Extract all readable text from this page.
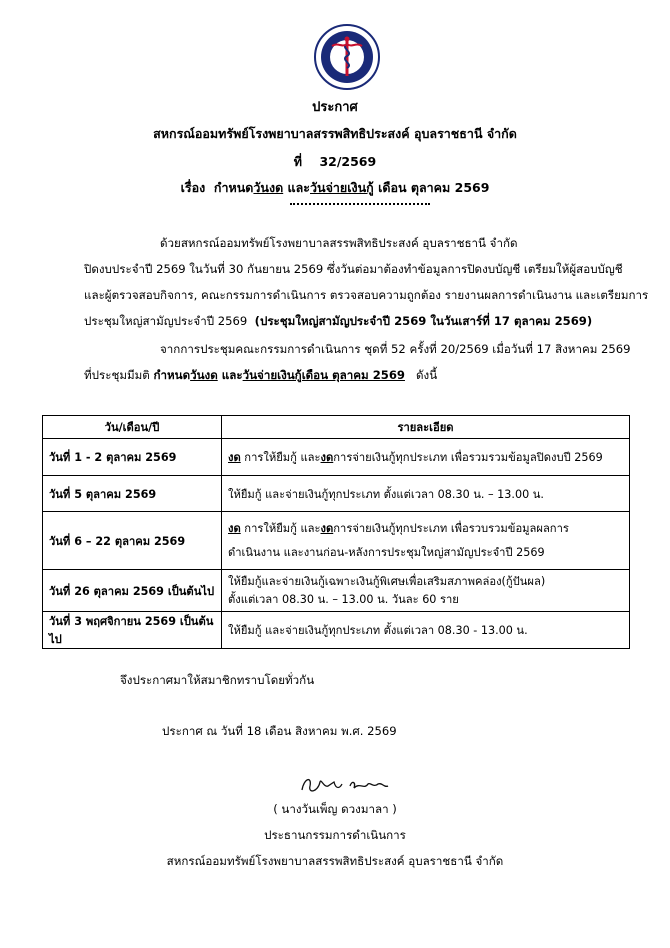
ประกาศ
สหกรณ์ออมทรัพย์โรงพยาบาลสรรพสิทธิประสงค์ อุบลราชธานี จำกัด
ที่ 32/2569
เรื่อง กำหนดวันงด และวันจ่ายเงินกู้ เดือน ตุลาคม 2569
ด้วยสหกรณ์ออมทรัพย์โรงพยาบาลสรรพสิทธิประสงค์ อุบลราชธานี จำกัด
ปิดงบประจำปี 2569 ในวันที่ 30 กันยายน 2569 ซึ่งวันต่อมาต้องทำข้อมูลการปิดงบบัญชี เตรียมให้ผู้สอบบัญชี
และผู้ตรวจสอบกิจการ, คณะกรรมการดำเนินการ ตรวจสอบความถูกต้อง รายงานผลการดำเนินงาน และเตรียมการ
ประชุมใหญ่สามัญประจำปี 2569 (ประชุมใหญ่สามัญประจำปี 2569 ในวันเสาร์ที่ 17 ตุลาคม 2569)
จากการประชุมคณะกรรมการดำเนินการ ชุดที่ 52 ครั้งที่ 20/2569 เมื่อวันที่ 17 สิงหาคม 2569
ที่ประชุมมีมติ กำหนดวันงด และวันจ่ายเงินกู้เดือน ตุลาคม 2569 ดังนี้
วัน/เดือน/ปี	รายละเอียด
วันที่ 1 - 2 ตุลาคม 2569	งด การให้ยืมกู้ และงดการจ่ายเงินกู้ทุกประเภท เพื่อรวมรวมข้อมูลปิดงบปี 2569
วันที่ 5 ตุลาคม 2569	ให้ยืมกู้ และจ่ายเงินกู้ทุกประเภท ตั้งแต่เวลา 08.30 น. – 13.00 น.
วันที่ 6 – 22 ตุลาคม 2569	งด การให้ยืมกู้ และงดการจ่ายเงินกู้ทุกประเภท เพื่อรวบรวมข้อมูลผลการ
ดำเนินงาน และงานก่อน-หลังการประชุมใหญ่สามัญประจำปี 2569
วันที่ 26 ตุลาคม 2569 เป็นต้นไป	ให้ยืมกู้และจ่ายเงินกู้เฉพาะเงินกู้พิเศษเพื่อเสริมสภาพคล่อง(กู้ปันผล)
ตั้งแต่เวลา 08.30 น. – 13.00 น. วันละ 60 ราย
วันที่ 3 พฤศจิกายน 2569 เป็นต้นไป	ให้ยืมกู้ และจ่ายเงินกู้ทุกประเภท ตั้งแต่เวลา 08.30 - 13.00 น.
จึงประกาศมาให้สมาชิกทราบโดยทั่วกัน
ประกาศ ณ วันที่ 18 เดือน สิงหาคม พ.ศ. 2569
( นางวันเพ็ญ ดวงมาลา )
ประธานกรรมการดำเนินการ
สหกรณ์ออมทรัพย์โรงพยาบาลสรรพสิทธิประสงค์ อุบลราชธานี จำกัด
